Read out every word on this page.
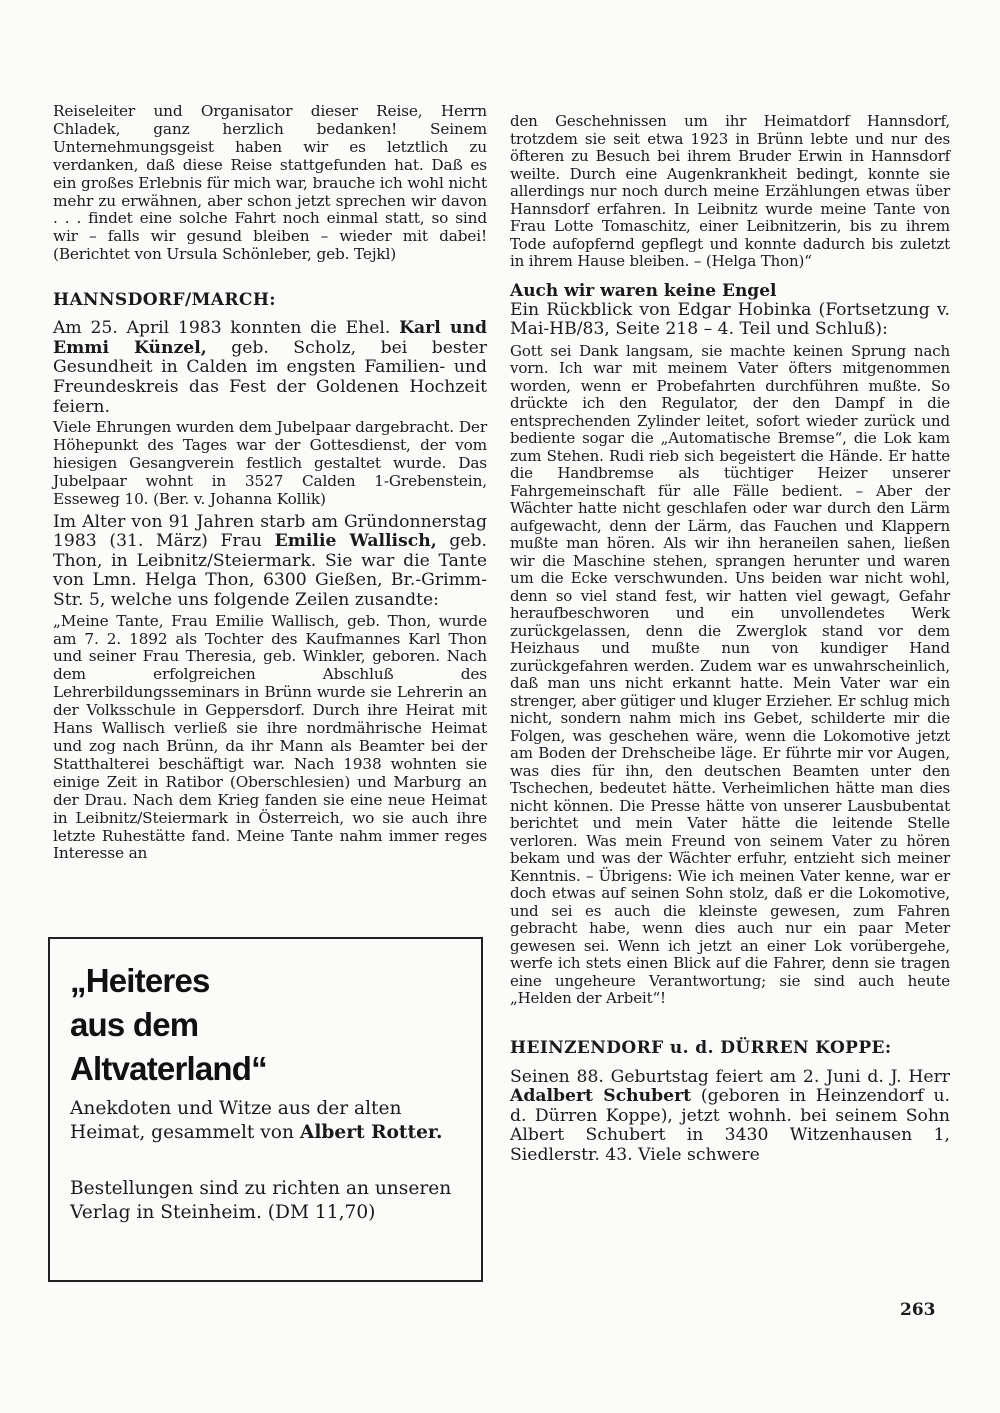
Reiseleiter und Organisator dieser Reise, Herrn Chladek, ganz herzlich bedanken! Seinem Unternehmungsgeist haben wir es letztlich zu verdanken, daß diese Reise stattgefunden hat. Daß es ein großes Erlebnis für mich war, brauche ich wohl nicht mehr zu erwähnen, aber schon jetzt sprechen wir davon . . . findet eine solche Fahrt noch einmal statt, so sind wir – falls wir gesund bleiben – wieder mit dabei! (Berichtet von Ursula Schönleber, geb. Tejkl)

HANNSDORF/MARCH:

Am 25. April 1983 konnten die Ehel. Karl und Emmi Künzel, geb. Scholz, bei bester Gesundheit in Calden im engsten Familien- und Freundeskreis das Fest der Goldenen Hochzeit feiern.

Viele Ehrungen wurden dem Jubelpaar dargebracht. Der Höhepunkt des Tages war der Gottesdienst, der vom hiesigen Gesangverein festlich gestaltet wurde. Das Jubelpaar wohnt in 3527 Calden 1-Grebenstein, Esseweg 10. (Ber. v. Johanna Kollik)

Im Alter von 91 Jahren starb am Gründonnerstag 1983 (31. März) Frau Emilie Wallisch, geb. Thon, in Leibnitz/Steiermark. Sie war die Tante von Lmn. Helga Thon, 6300 Gießen, Br.-Grimm-Str. 5, welche uns folgende Zeilen zusandte:

„Meine Tante, Frau Emilie Wallisch, geb. Thon, wurde am 7. 2. 1892 als Tochter des Kaufmannes Karl Thon und seiner Frau Theresia, geb. Winkler, geboren. Nach dem erfolgreichen Abschluß des Lehrerbildungsseminars in Brünn wurde sie Lehrerin an der Volksschule in Geppersdorf. Durch ihre Heirat mit Hans Wallisch verließ sie ihre nordmährische Heimat und zog nach Brünn, da ihr Mann als Beamter bei der Statthalterei beschäftigt war. Nach 1938 wohnten sie einige Zeit in Ratibor (Oberschlesien) und Marburg an der Drau. Nach dem Krieg fanden sie eine neue Heimat in Leibnitz/Steiermark in Österreich, wo sie auch ihre letzte Ruhestätte fand. Meine Tante nahm immer reges Interesse an

„Heiteres
aus dem
Altvaterland“
Anekdoten und Witze aus der alten Heimat, gesammelt von Albert Rotter.
Bestellungen sind zu richten an unseren Verlag in Steinheim. (DM 11,70)

den Geschehnissen um ihr Heimatdorf Hannsdorf, trotzdem sie seit etwa 1923 in Brünn lebte und nur des öfteren zu Besuch bei ihrem Bruder Erwin in Hannsdorf weilte. Durch eine Augenkrankheit bedingt, konnte sie allerdings nur noch durch meine Erzählungen etwas über Hannsdorf erfahren. In Leibnitz wurde meine Tante von Frau Lotte Tomaschitz, einer Leibnitzerin, bis zu ihrem Tode aufopfernd gepflegt und konnte dadurch bis zuletzt in ihrem Hause bleiben. – (Helga Thon)“

Auch wir waren keine Engel

Ein Rückblick von Edgar Hobinka (Fortsetzung v. Mai-HB/83, Seite 218 – 4. Teil und Schluß):

Gott sei Dank langsam, sie machte keinen Sprung nach vorn. Ich war mit meinem Vater öfters mitgenommen worden, wenn er Probefahrten durchführen mußte. So drückte ich den Regulator, der den Dampf in die entsprechenden Zylinder leitet, sofort wieder zurück und bediente sogar die „Automatische Bremse“, die Lok kam zum Stehen. Rudi rieb sich begeistert die Hände. Er hatte die Handbremse als tüchtiger Heizer unserer Fahrgemeinschaft für alle Fälle bedient. – Aber der Wächter hatte nicht geschlafen oder war durch den Lärm aufgewacht, denn der Lärm, das Fauchen und Klappern mußte man hören. Als wir ihn heraneilen sahen, ließen wir die Maschine stehen, sprangen herunter und waren um die Ecke verschwunden. Uns beiden war nicht wohl, denn so viel stand fest, wir hatten viel gewagt, Gefahr heraufbeschworen und ein unvollendetes Werk zurückgelassen, denn die Zwerglok stand vor dem Heizhaus und mußte nun von kundiger Hand zurückgefahren werden. Zudem war es unwahrscheinlich, daß man uns nicht erkannt hatte. Mein Vater war ein strenger, aber gütiger und kluger Erzieher. Er schlug mich nicht, sondern nahm mich ins Gebet, schilderte mir die Folgen, was geschehen wäre, wenn die Lokomotive jetzt am Boden der Drehscheibe läge. Er führte mir vor Augen, was dies für ihn, den deutschen Beamten unter den Tschechen, bedeutet hätte. Verheimlichen hätte man dies nicht können. Die Presse hätte von unserer Lausbubentat berichtet und mein Vater hätte die leitende Stelle verloren. Was mein Freund von seinem Vater zu hören bekam und was der Wächter erfuhr, entzieht sich meiner Kenntnis. – Übrigens: Wie ich meinen Vater kenne, war er doch etwas auf seinen Sohn stolz, daß er die Lokomotive, und sei es auch die kleinste gewesen, zum Fahren gebracht habe, wenn dies auch nur ein paar Meter gewesen sei. Wenn ich jetzt an einer Lok vorübergehe, werfe ich stets einen Blick auf die Fahrer, denn sie tragen eine ungeheure Verantwortung; sie sind auch heute „Helden der Arbeit“!

HEINZENDORF u. d. DÜRREN KOPPE:

Seinen 88. Geburtstag feiert am 2. Juni d. J. Herr Adalbert Schubert (geboren in Heinzendorf u. d. Dürren Koppe), jetzt wohnh. bei seinem Sohn Albert Schubert in 3430 Witzenhausen 1, Siedlerstr. 43. Viele schwere

263
